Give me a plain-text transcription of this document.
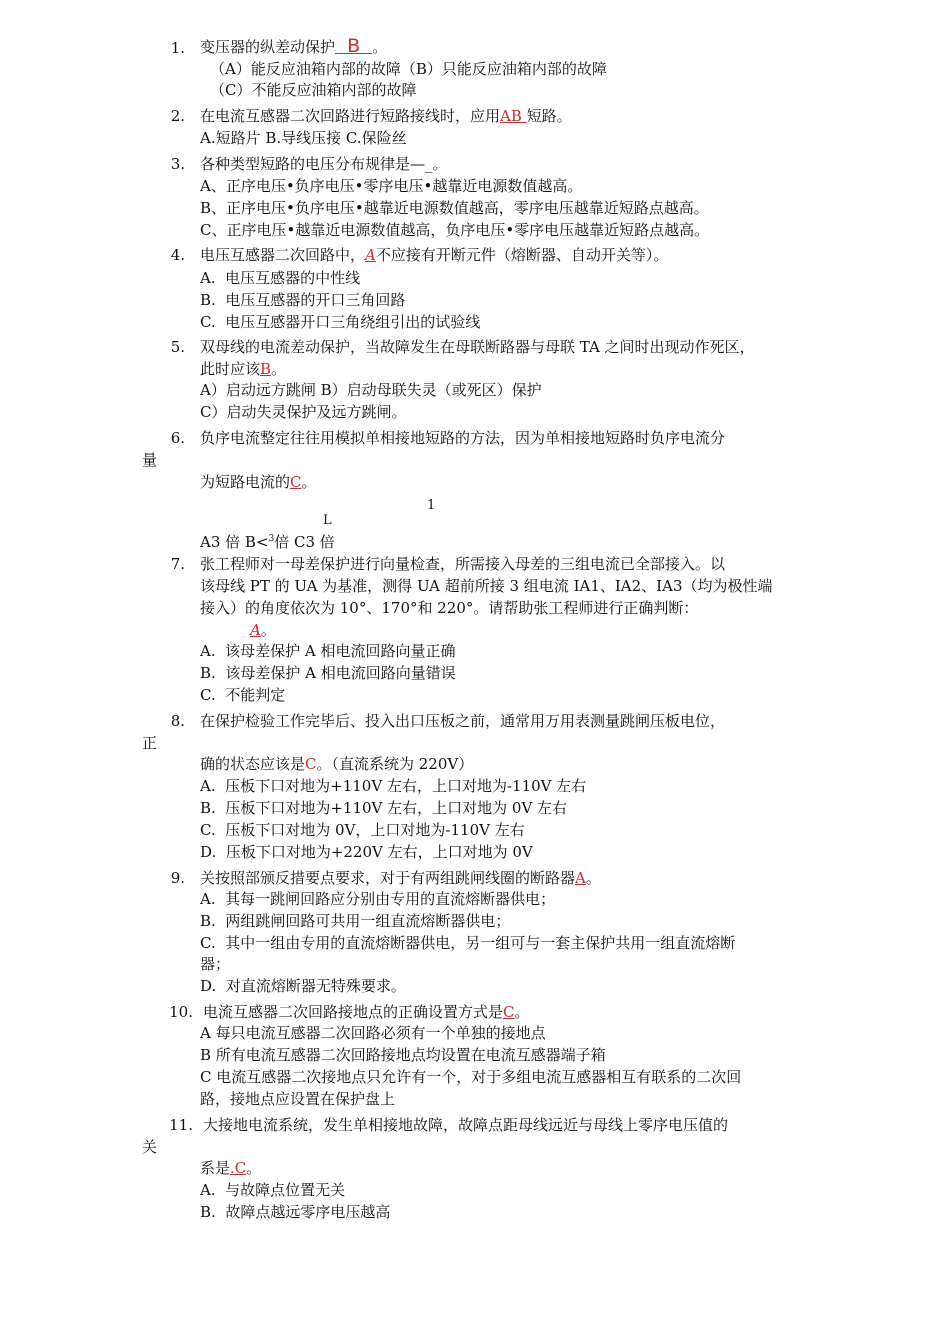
1. 变压器的纵差动保护  B  。
（A）能反应油箱内部的故障（B）只能反应油箱内部的故障
（C）不能反应油箱内部的故障
2. 在电流互感器二次回路进行短路接线时，应用AB 短路。
A.短路片 B.导线压接 C.保险丝
3. 各种类型短路的电压分布规律是—_。
A、正序电压•负序电压•零序电压•越靠近电源数值越高。
B、正序电压•负序电压•越靠近电源数值越高，零序电压越靠近短路点越高。
C、正序电压•越靠近电源数值越高，负序电压•零序电压越靠近短路点越高。
4. 电压互感器二次回路中，A不应接有开断元件（熔断器、自动开关等）。
A. 电压互感器的中性线
B. 电压互感器的开口三角回路
C. 电压互感器开口三角绕组引出的试验线
5. 双母线的电流差动保护，当故障发生在母联断路器与母联 TA 之间时出现动作死区，
此时应该B。
A）启动远方跳闸 B）启动母联失灵（或死区）保护
C）启动失灵保护及远方跳闸。
6. 负序电流整定往往用模拟单相接地短路的方法，因为单相接地短路时负序电流分
量
为短路电流的C。
1
L
A3 倍 B<$^3$倍 C3 倍
7. 张工程师对一母差保护进行向量检查，所需接入母差的三组电流已全部接入。以
该母线 PT 的 UA 为基准，测得 UA 超前所接 3 组电流 IA1、IA2、IA3（均为极性端
接入）的角度依次为 10°、170°和 220°。请帮助张工程师进行正确判断：
A。
A. 该母差保护 A 相电流回路向量正确
B. 该母差保护 A 相电流回路向量错误
C. 不能判定
8. 在保护检验工作完毕后、投入出口压板之前，通常用万用表测量跳闸压板电位，
正
确的状态应该是C。（直流系统为 220V）
A. 压板下口对地为+110V 左右，上口对地为-110V 左右
B. 压板下口对地为+110V 左右，上口对地为 0V 左右
C. 压板下口对地为 0V，上口对地为-110V 左右
D. 压板下口对地为+220V 左右，上口对地为 0V
9. 关按照部颁反措要点要求，对于有两组跳闸线圈的断路器A。
A. 其每一跳闸回路应分别由专用的直流熔断器供电；
B. 两组跳闸回路可共用一组直流熔断器供电；
C. 其中一组由专用的直流熔断器供电，另一组可与一套主保护共用一组直流熔断
器；
D. 对直流熔断器无特殊要求。
10. 电流互感器二次回路接地点的正确设置方式是C。
A 每只电流互感器二次回路必须有一个单独的接地点
B 所有电流互感器二次回路接地点均设置在电流互感器端子箱
C 电流互感器二次接地点只允许有一个，对于多组电流互感器相互有联系的二次回
路，接地点应设置在保护盘上
11. 大接地电流系统，发生单相接地故障，故障点距母线远近与母线上零序电压值的
关
系是.C。
A. 与故障点位置无关
B. 故障点越远零序电压越高
